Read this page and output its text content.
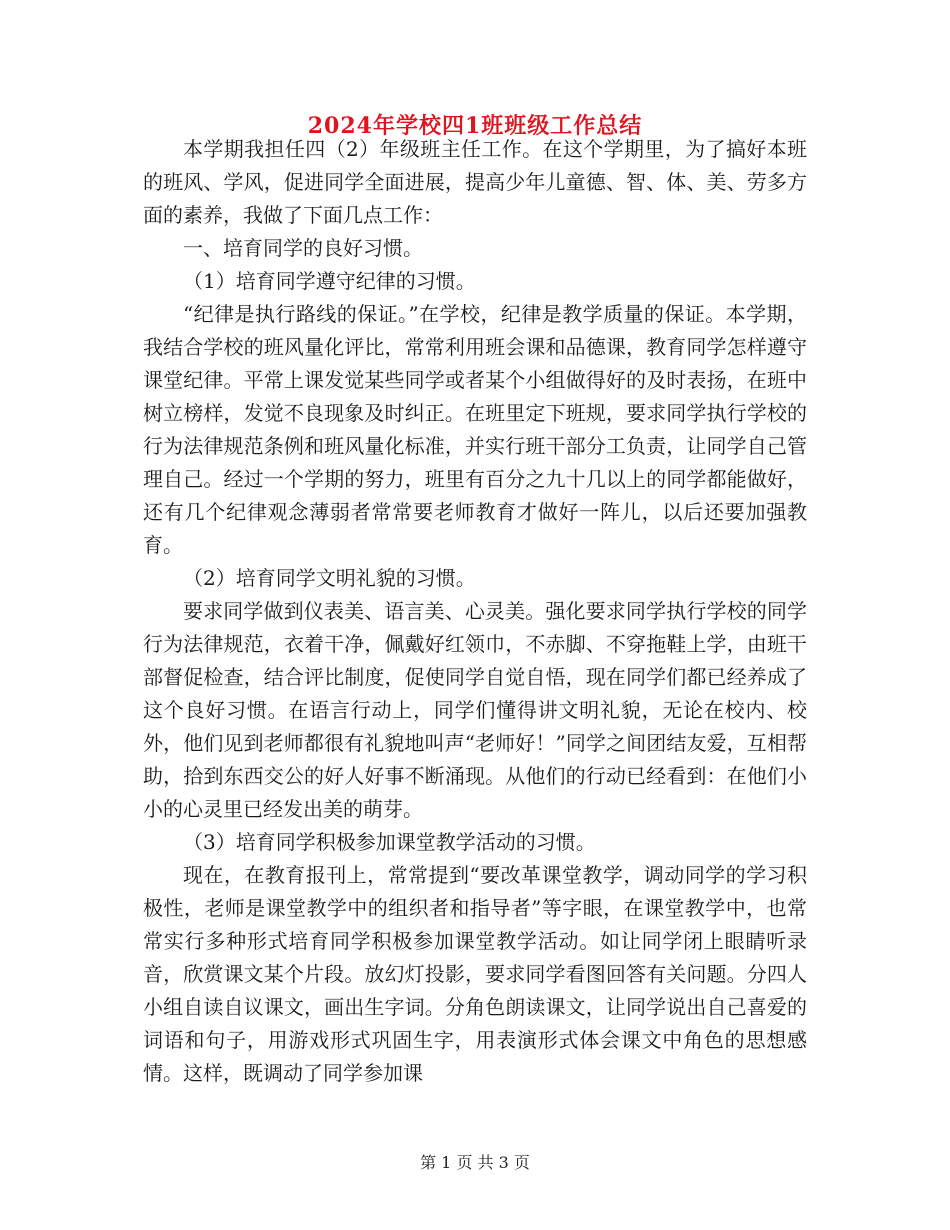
2024年学校四1班班级工作总结

本学期我担任四（2）年级班主任工作。在这个学期里，为了搞好本班的班风、学风，促进同学全面进展，提高少年儿童德、智、体、美、劳多方面的素养，我做了下面几点工作：

一、培育同学的良好习惯。

（1）培育同学遵守纪律的习惯。

“纪律是执行路线的保证。”在学校，纪律是教学质量的保证。本学期，我结合学校的班风量化评比，常常利用班会课和品德课，教育同学怎样遵守课堂纪律。平常上课发觉某些同学或者某个小组做得好的及时表扬，在班中树立榜样，发觉不良现象及时纠正。在班里定下班规，要求同学执行学校的行为法律规范条例和班风量化标准，并实行班干部分工负责，让同学自己管理自己。经过一个学期的努力，班里有百分之九十几以上的同学都能做好，还有几个纪律观念薄弱者常常要老师教育才做好一阵儿，以后还要加强教育。

（2）培育同学文明礼貌的习惯。

要求同学做到仪表美、语言美、心灵美。强化要求同学执行学校的同学行为法律规范，衣着干净，佩戴好红领巾，不赤脚、不穿拖鞋上学，由班干部督促检查，结合评比制度，促使同学自觉自悟，现在同学们都已经养成了这个良好习惯。在语言行动上，同学们懂得讲文明礼貌，无论在校内、校外，他们见到老师都很有礼貌地叫声“老师好！”同学之间团结友爱，互相帮助，拾到东西交公的好人好事不断涌现。从他们的行动已经看到：在他们小小的心灵里已经发出美的萌芽。

（3）培育同学积极参加课堂教学活动的习惯。

现在，在教育报刊上，常常提到“要改革课堂教学，调动同学的学习积极性，老师是课堂教学中的组织者和指导者”等字眼，在课堂教学中，也常常实行多种形式培育同学积极参加课堂教学活动。如让同学闭上眼睛听录音，欣赏课文某个片段。放幻灯投影，要求同学看图回答有关问题。分四人小组自读自议课文，画出生字词。分角色朗读课文，让同学说出自己喜爱的词语和句子，用游戏形式巩固生字，用表演形式体会课文中角色的思想感情。这样，既调动了同学参加课

第 1 页 共 3 页
